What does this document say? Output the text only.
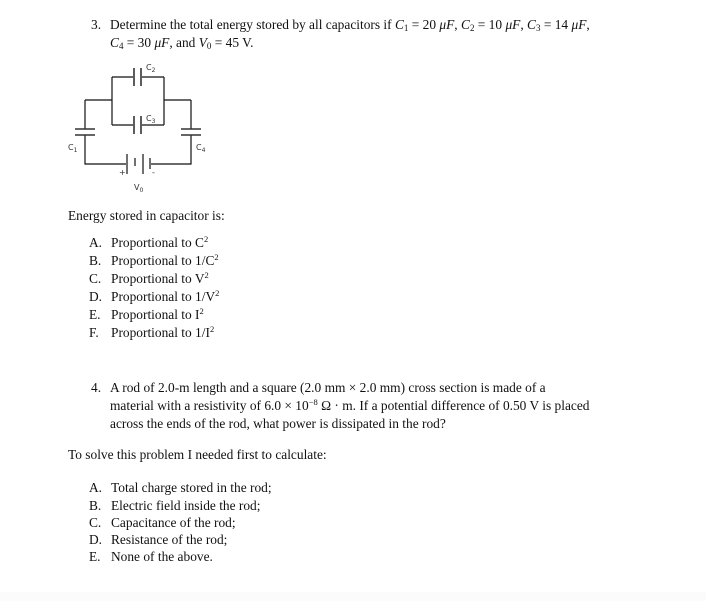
3. Determine the total energy stored by all capacitors if $C_1 = 20$ μF, $C_2 = 10$ μF, $C_3 = 14$ μF,
$C_4 = 30$ μF, and $V_0 = 45$ V.
$C_2$
$C_3$
$C_1$	$C_4$
+	-
$V_0$
Energy stored in capacitor is:
A. Proportional to $C^2$
B. Proportional to $1/C^2$
C. Proportional to $V^2$
D. Proportional to $1/V^2$
E. Proportional to $I^2$
F. Proportional to $1/I^2$
4. A rod of 2.0-m length and a square (2.0 mm × 2.0 mm) cross section is made of a
material with a resistivity of $6.0 \times 10^{-8}$ Ω · m. If a potential difference of 0.50 V is placed
across the ends of the rod, what power is dissipated in the rod?
To solve this problem I needed first to calculate:
A. Total charge stored in the rod;
B. Electric field inside the rod;
C. Capacitance of the rod;
D. Resistance of the rod;
E. None of the above.
